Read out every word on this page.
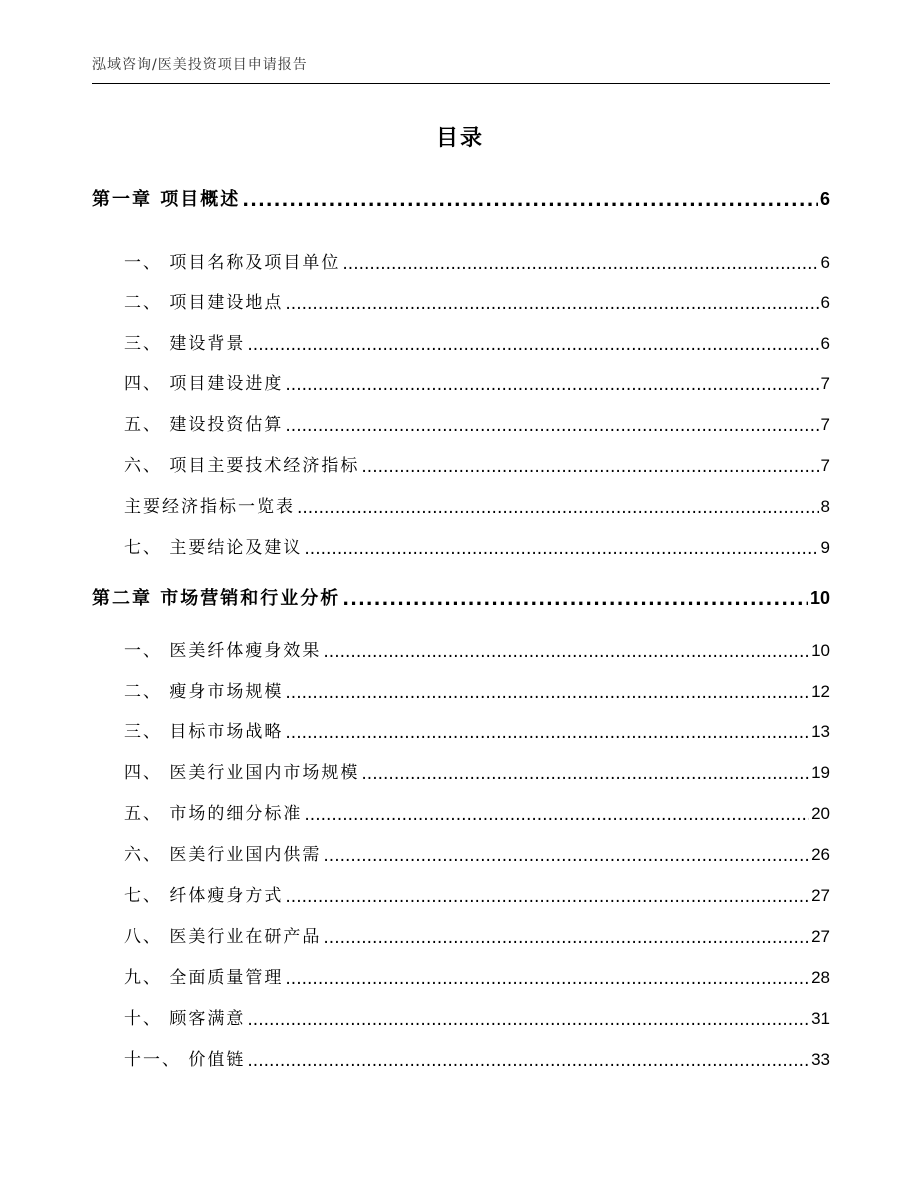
泓域咨询/医美投资项目申请报告
目录
第一章 项目概述 .....	6
一、 项目名称及项目单位 .....	6
二、 项目建设地点 .....	6
三、 建设背景 .....	6
四、 项目建设进度 .....	7
五、 建设投资估算 .....	7
六、 项目主要技术经济指标 .....	7
主要经济指标一览表 .....	8
七、 主要结论及建议 .....	9
第二章 市场营销和行业分析 .....	10
一、 医美纤体瘦身效果 .....	10
二、 瘦身市场规模 .....	12
三、 目标市场战略 .....	13
四、 医美行业国内市场规模 .....	19
五、 市场的细分标准 .....	20
六、 医美行业国内供需 .....	26
七、 纤体瘦身方式 .....	27
八、 医美行业在研产品 .....	27
九、 全面质量管理 .....	28
十、 顾客满意 .....	31
十一、 价值链 .....	33
